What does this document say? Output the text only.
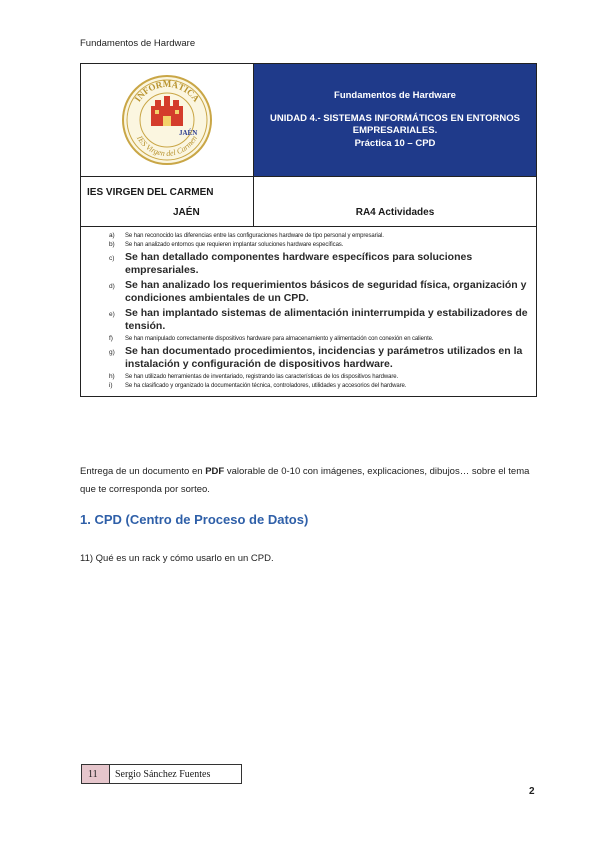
Fundamentos de Hardware
INFORMÁTICA
IES Virgen del Carmen
JAÉN
Fundamentos de Hardware
UNIDAD 4.- SISTEMAS INFORMÁTICOS EN ENTORNOS EMPRESARIALES.
Práctica 10 – CPD
IES VIRGEN DEL CARMEN
JAÉN	RA4 Actividades
a)	Se han reconocido las diferencias entre las configuraciones hardware de tipo personal y empresarial.
b)	Se han analizado entornos que requieren implantar soluciones hardware específicas.
c)	Se han detallado componentes hardware específicos para soluciones empresariales.
d) Se han analizado los requerimientos básicos de seguridad física, organización y condiciones ambientales de un CPD.
e) Se han implantado sistemas de alimentación ininterrumpida y estabilizadores de tensión.
f)	Se han manipulado correctamente dispositivos hardware para almacenamiento y alimentación con conexión en caliente.
g) Se han documentado procedimientos, incidencias y parámetros utilizados en la instalación y configuración de dispositivos hardware.
h)	Se han utilizado herramientas de inventariado, registrando las características de los dispositivos hardware.
i)	Se ha clasificado y organizado la documentación técnica, controladores, utilidades y accesorios del hardware.
Entrega de un documento en PDF valorable de 0-10 con imágenes, explicaciones, dibujos… sobre el tema que te corresponda por sorteo.
1. CPD (Centro de Proceso de Datos)
11) Qué es un rack y cómo usarlo en un CPD.
11	Sergio Sánchez Fuentes
2
